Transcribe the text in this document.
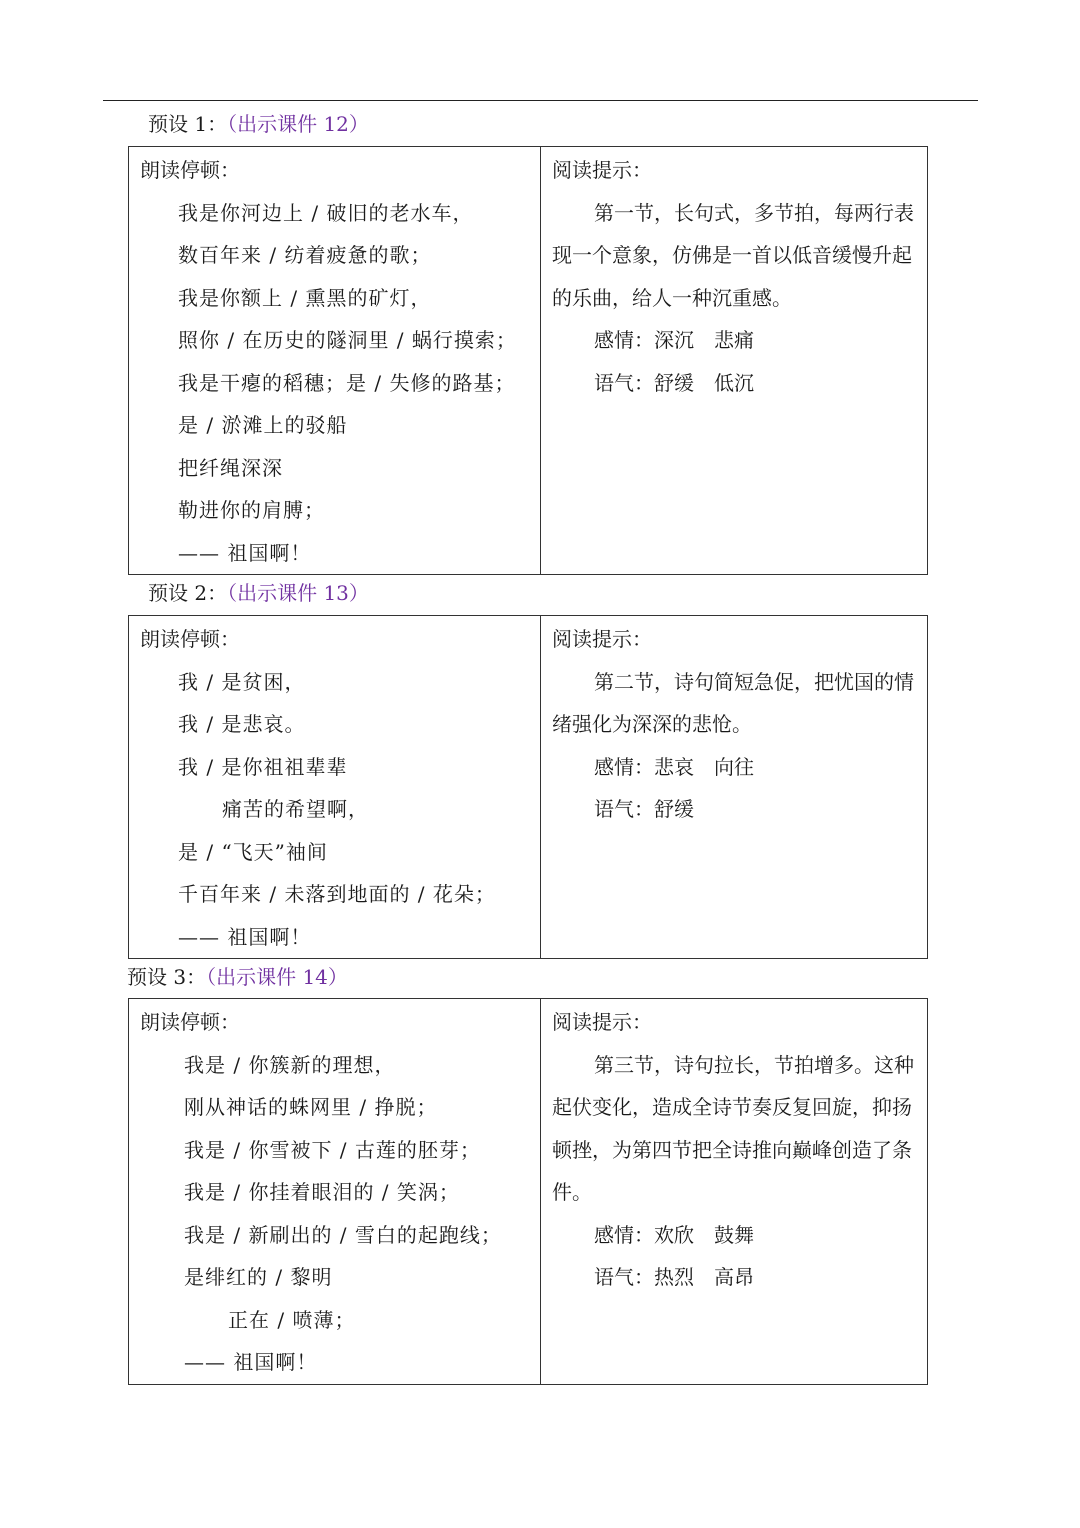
预设 1：（出示课件 12）
朗读停顿：
我是你河边上 / 破旧的老水车，
数百年来 / 纺着疲惫的歌；
我是你额上 / 熏黑的矿灯，
照你 / 在历史的隧洞里 / 蜗行摸索；
我是干瘪的稻穗；是 / 失修的路基；
是 / 淤滩上的驳船
把纤绳深深
勒进你的肩膊；
—— 祖国啊！

阅读提示：

第一节，长句式，多节拍，每两行表现一个意象，仿佛是一首以低音缓慢升起的乐曲，给人一种沉重感。

感情：深沉　悲痛
语气：舒缓　低沉
预设 2：（出示课件 13）
朗读停顿：
我 / 是贫困，
我 / 是悲哀。
我 / 是你祖祖辈辈
痛苦的希望啊，
是 / “飞天”袖间
千百年来 / 未落到地面的 / 花朵；
—— 祖国啊！

阅读提示：

第二节，诗句简短急促，把忧国的情绪强化为深深的悲怆。

感情：悲哀　向往
语气：舒缓
预设 3：（出示课件 14）
朗读停顿：
我是 / 你簇新的理想，
刚从神话的蛛网里 / 挣脱；
我是 / 你雪被下 / 古莲的胚芽；
我是 / 你挂着眼泪的 / 笑涡；
我是 / 新刷出的 / 雪白的起跑线；
是绯红的 / 黎明
正在 / 喷薄；
—— 祖国啊！

阅读提示：

第三节，诗句拉长，节拍增多。这种起伏变化，造成全诗节奏反复回旋，抑扬顿挫，为第四节把全诗推向巅峰创造了条件。

感情：欢欣　鼓舞
语气：热烈　高昂
